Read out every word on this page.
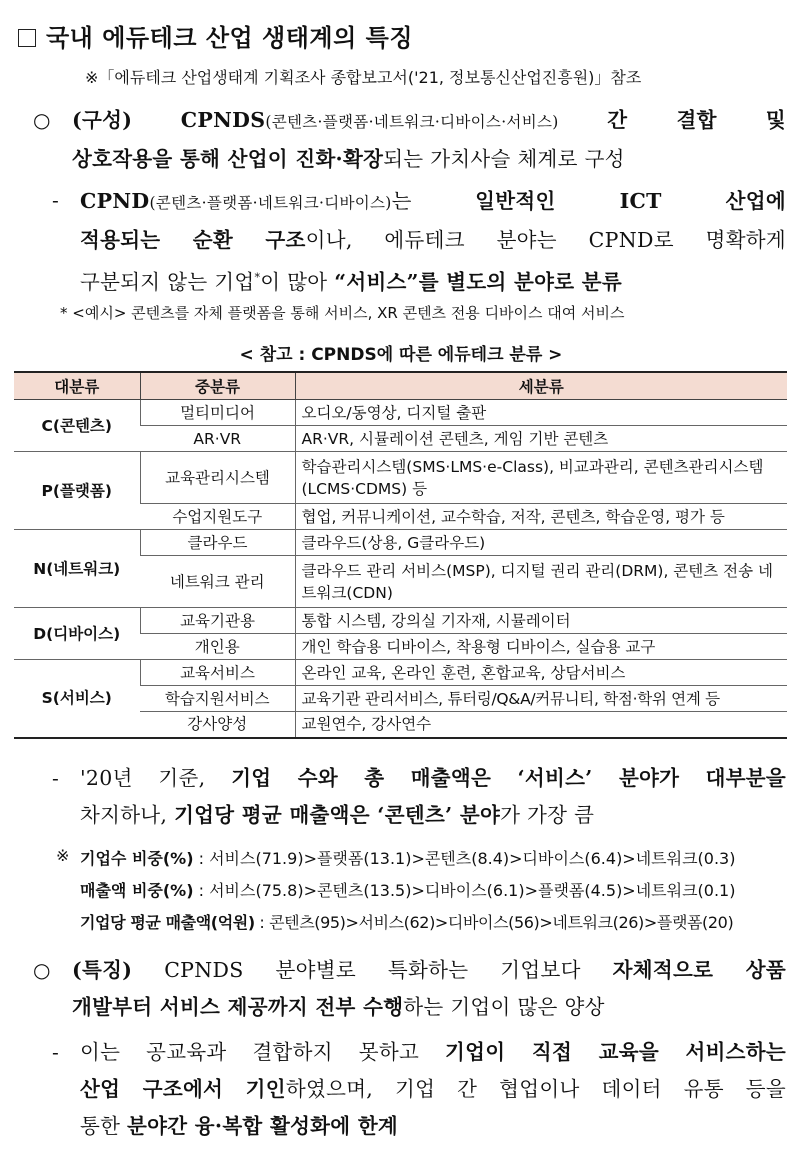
국내 에듀테크 산업 생태계의 특징
※「에듀테크 산업생태계 기획조사 종합보고서('21, 정보통신산업진흥원)」참조
○ (구성) CPNDS(콘텐츠·플랫폼·네트워크·디바이스·서비스) 간 결합 및
상호작용을 통해 산업이 진화·확장되는 가치사슬 체계로 구성
- CPND(콘텐츠·플랫폼·네트워크·디바이스)는	일반적인 ICT 산업에
적용되는 순환 구조이나, 에듀테크 분야는 CPND로 명확하게
구분되지 않는 기업*이 많아 “서비스”를 별도의 분야로 분류
* <예시> 콘텐츠를 자체 플랫폼을 통해 서비스, XR 콘텐츠 전용 디바이스 대여 서비스
< 참고 : CPNDS에 따른 에듀테크 분류 >
대분류	중분류	세분류
C(콘텐츠)	멀티미디어	오디오/동영상, 디지털 출판
	AR·VR	AR·VR, 시뮬레이션 콘텐츠, 게임 기반 콘텐츠
P(플랫폼)	교육관리시스템	학습관리시스템(SMS·LMS·e-Class), 비교과관리, 콘텐츠관리시스템(LCMS·CDMS) 등
	수업지원도구	협업, 커뮤니케이션, 교수학습, 저작, 콘텐츠, 학습운영, 평가 등
N(네트워크)	클라우드	클라우드(상용, G클라우드)
	네트워크 관리	클라우드 관리 서비스(MSP), 디지털 권리 관리(DRM), 콘텐츠 전송 네트워크(CDN)
D(디바이스)	교육기관용	통합 시스템, 강의실 기자재, 시뮬레이터
	개인용	개인 학습용 디바이스, 착용형 디바이스, 실습용 교구
S(서비스)	교육서비스	온라인 교육, 온라인 훈련, 혼합교육, 상담서비스
	학습지원서비스	교육기관 관리서비스, 튜터링/Q&A/커뮤니티, 학점·학위 연계 등
	강사양성	교원연수, 강사연수
- '20년 기준, 기업 수와 총 매출액은 ‘서비스’ 분야가 대부분을
차지하나, 기업당 평균 매출액은 ‘콘텐츠’ 분야가 가장 큼
※ 기업수 비중(%) : 서비스(71.9)>플랫폼(13.1)>콘텐츠(8.4)>디바이스(6.4)>네트워크(0.3)
매출액 비중(%) : 서비스(75.8)>콘텐츠(13.5)>디바이스(6.1)>플랫폼(4.5)>네트워크(0.1)
기업당 평균 매출액(억원) : 콘텐츠(95)>서비스(62)>디바이스(56)>네트워크(26)>플랫폼(20)
○ (특징) CPNDS 분야별로 특화하는 기업보다 자체적으로 상품
개발부터 서비스 제공까지 전부 수행하는 기업이 많은 양상
- 이는 공교육과 결합하지 못하고 기업이 직접 교육을 서비스하는
산업 구조에서 기인하였으며, 기업 간 협업이나 데이터 유통 등을
통한 분야간 융·복합 활성화에 한계
